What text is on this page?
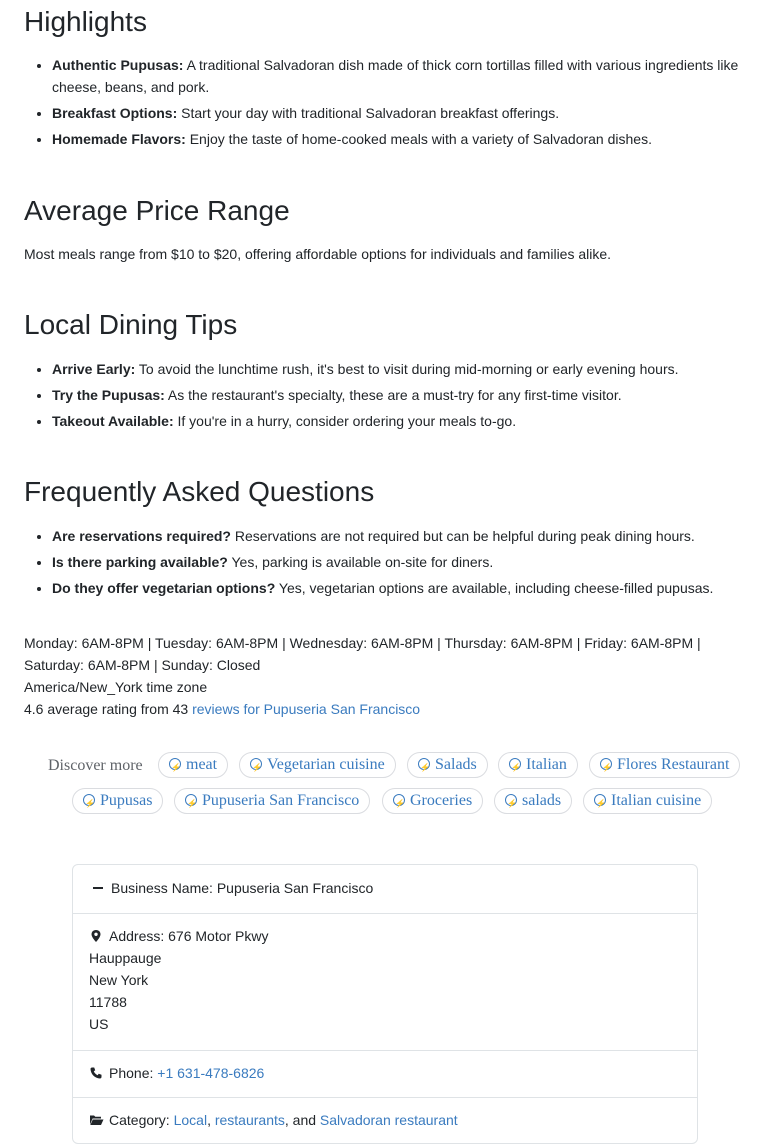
Highlights
• Authentic Pupusas: A traditional Salvadoran dish made of thick corn tortillas filled with various ingredients like cheese, beans, and pork.
• Breakfast Options: Start your day with traditional Salvadoran breakfast offerings.
• Homemade Flavors: Enjoy the taste of home-cooked meals with a variety of Salvadoran dishes.
Average Price Range
Most meals range from $10 to $20, offering affordable options for individuals and families alike.
Local Dining Tips
• Arrive Early: To avoid the lunchtime rush, it's best to visit during mid-morning or early evening hours.
• Try the Pupusas: As the restaurant's specialty, these are a must-try for any first-time visitor.
• Takeout Available: If you're in a hurry, consider ordering your meals to-go.
Frequently Asked Questions
• Are reservations required? Reservations are not required but can be helpful during peak dining hours.
• Is there parking available? Yes, parking is available on-site for diners.
• Do they offer vegetarian options? Yes, vegetarian options are available, including cheese-filled pupusas.
Monday: 6AM-8PM | Tuesday: 6AM-8PM | Wednesday: 6AM-8PM | Thursday: 6AM-8PM | Friday: 6AM-8PM |
Saturday: 6AM-8PM | Sunday: Closed
America/New_York time zone
4.6 average rating from 43 reviews for Pupuseria San Francisco
Discover more ⚡	meat ⚡	Vegetarian cuisine ⚡	Salads ⚡	Italian ⚡	Flores Restaurant
⚡Pupusas ⚡	Pupuseria San Francisco ⚡	Groceries ⚡	salads ⚡	Italian cuisine
Business Name: Pupuseria San Francisco
Address: 676 Motor Pkwy
Hauppauge
New York
11788
US
Phone: +1 631-478-6826
Category: Local, restaurants, and Salvadoran restaurant
